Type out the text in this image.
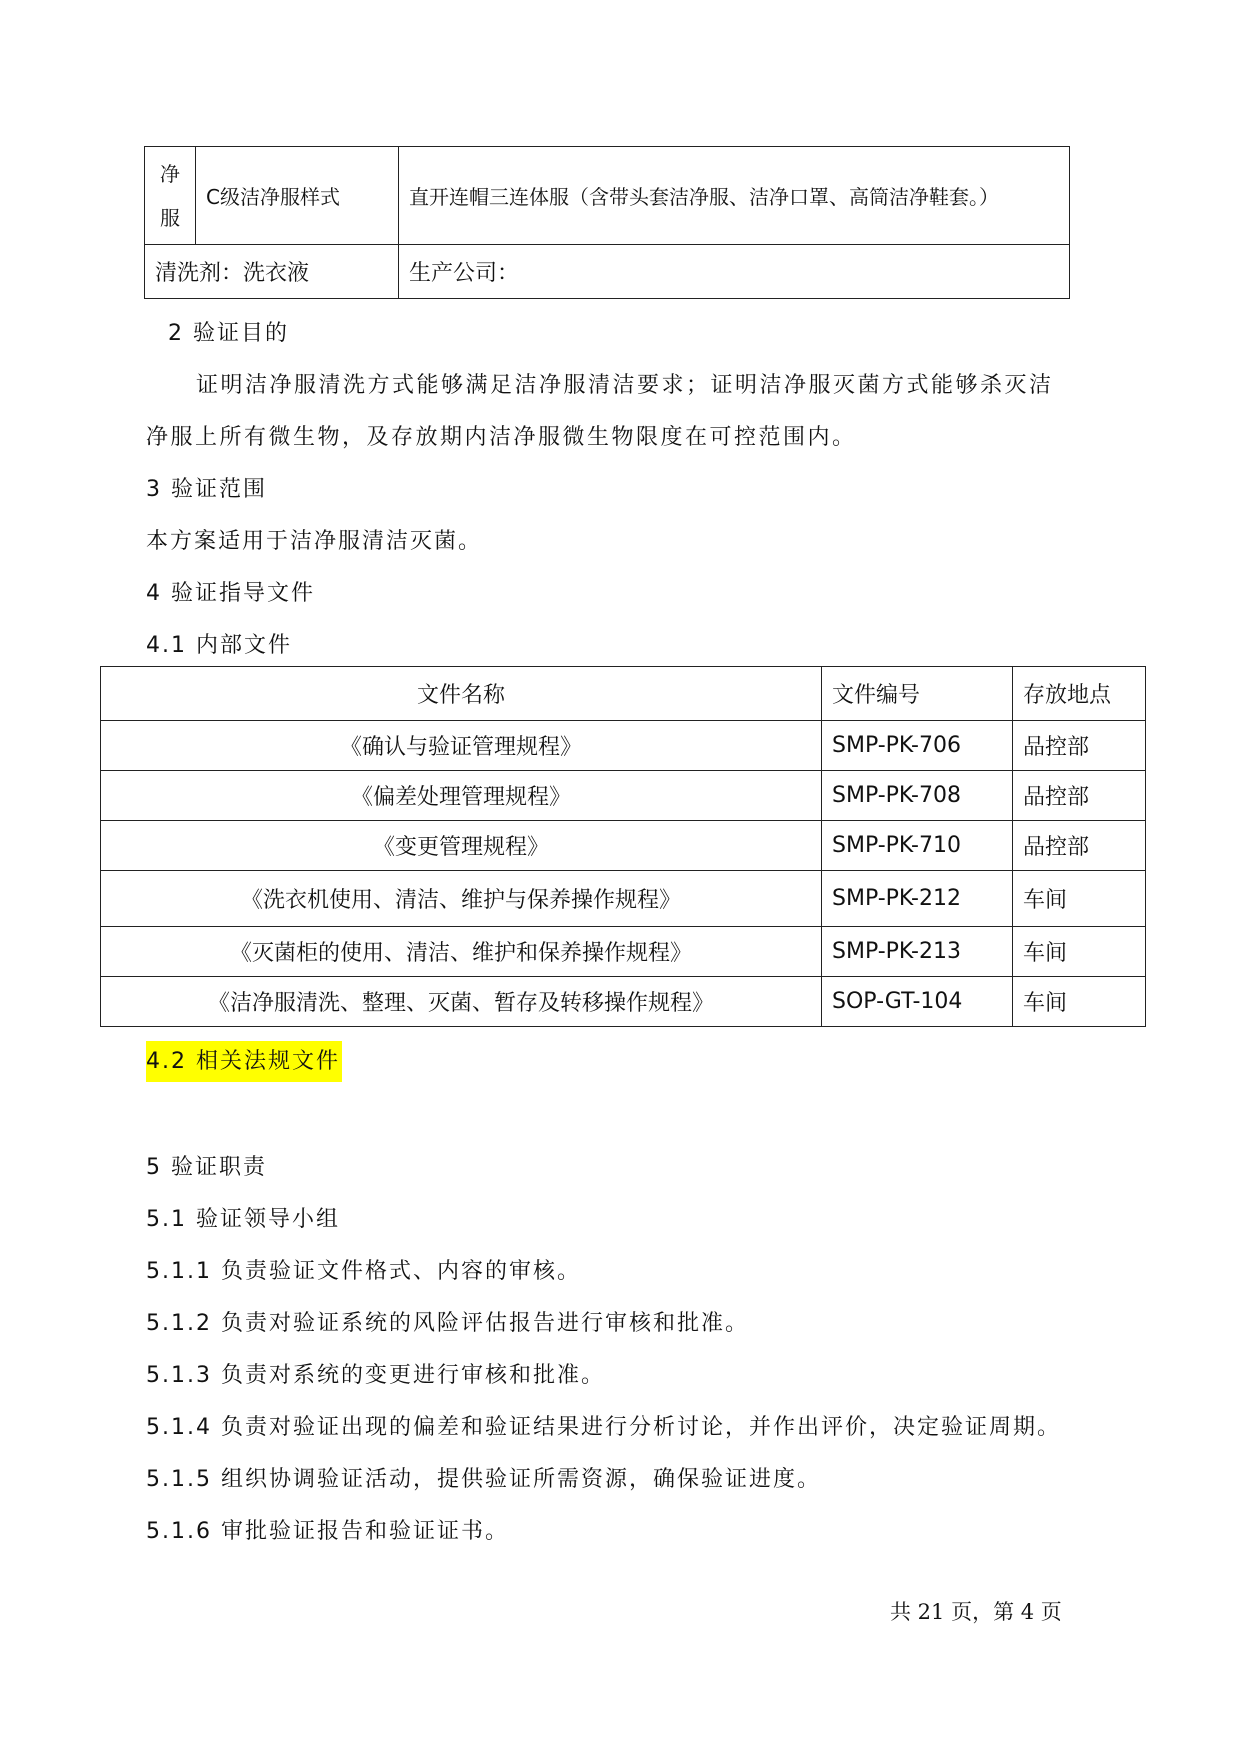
净
服	C级洁净服样式	直开连帽三连体服（含带头套洁净服、洁净口罩、高筒洁净鞋套。）
清洗剂：洗衣液		生产公司：
2 验证目的
证明洁净服清洗方式能够满足洁净服清洁要求；证明洁净服灭菌方式能够杀灭洁
净服上所有微生物，及存放期内洁净服微生物限度在可控范围内。
3 验证范围
本方案适用于洁净服清洁灭菌。
4 验证指导文件
4.1 内部文件
文件名称	文件编号	存放地点
《确认与验证管理规程》	SMP-PK-706	品控部
《偏差处理管理规程》	SMP-PK-708	品控部
《变更管理规程》	SMP-PK-710	品控部
《洗衣机使用、清洁、维护与保养操作规程》	SMP-PK-212	车间
《灭菌柜的使用、清洁、维护和保养操作规程》	SMP-PK-213	车间
《洁净服清洗、整理、灭菌、暂存及转移操作规程》	SOP-GT-104	车间
4.2 相关法规文件
5 验证职责
5.1 验证领导小组
5.1.1 负责验证文件格式、内容的审核。
5.1.2 负责对验证系统的风险评估报告进行审核和批准。
5.1.3 负责对系统的变更进行审核和批准。
5.1.4 负责对验证出现的偏差和验证结果进行分析讨论，并作出评价，决定验证周期。
5.1.5 组织协调验证活动，提供验证所需资源，确保验证进度。
5.1.6 审批验证报告和验证证书。
共 21 页，第 4 页
